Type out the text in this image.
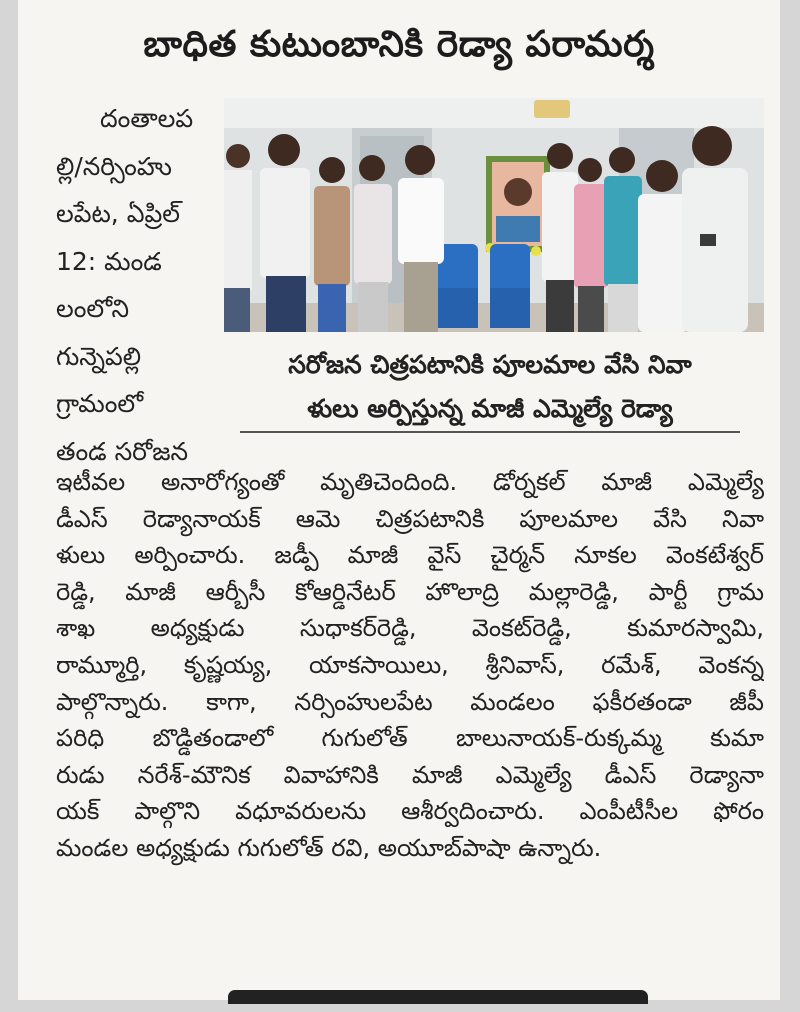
బాధిత కుటుంబానికి రెడ్యా పరామర్శ
దంతాలప
ల్లి/నర్సింహు
లపేట, ఏప్రిల్
12: మండ
లంలోని
గున్నెపల్లి
గ్రామంలో
తండ సరోజన
సరోజన చిత్రపటానికి పూలమాల వేసి నివా
ళులు అర్పిస్తున్న మాజీ ఎమ్మెల్యే రెడ్యా
ఇటీవల అనారోగ్యంతో మృతిచెందింది. డోర్నకల్ మాజీ ఎమ్మెల్యే
డీఎస్ రెడ్యానాయక్ ఆమె చిత్రపటానికి పూలమాల వేసి నివా
ళులు అర్పించారు. జడ్పీ మాజీ వైస్ చైర్మన్ నూకల వెంకటేశ్వర్
రెడ్డి, మాజీ ఆర్బీసీ కోఆర్డినేటర్ హొలాద్రి మల్లారెడ్డి, పార్టీ గ్రామ
శాఖ అధ్యక్షుడు సుధాకర్‌రెడ్డి, వెంకట్‌రెడ్డి, కుమారస్వామి,
రామ్మూర్తి, కృష్ణయ్య, యాకసాయిలు, శ్రీనివాస్, రమేశ్, వెంకన్న
పాల్గొన్నారు. కాగా, నర్సింహులపేట మండలం ఫకీరతండా జీపీ
పరిధి బొడ్డితండాలో గుగులోత్ బాలునాయక్-రుక్కమ్మ కుమా
రుడు నరేశ్-మౌనిక వివాహానికి మాజీ ఎమ్మెల్యే డీఎస్ రెడ్యానా
యక్ పాల్గొని వధూవరులను ఆశీర్వదించారు. ఎంపీటీసీల ఫోరం
మండల అధ్యక్షుడు గుగులోత్ రవి, అయూబ్‌పాషా ఉన్నారు.
